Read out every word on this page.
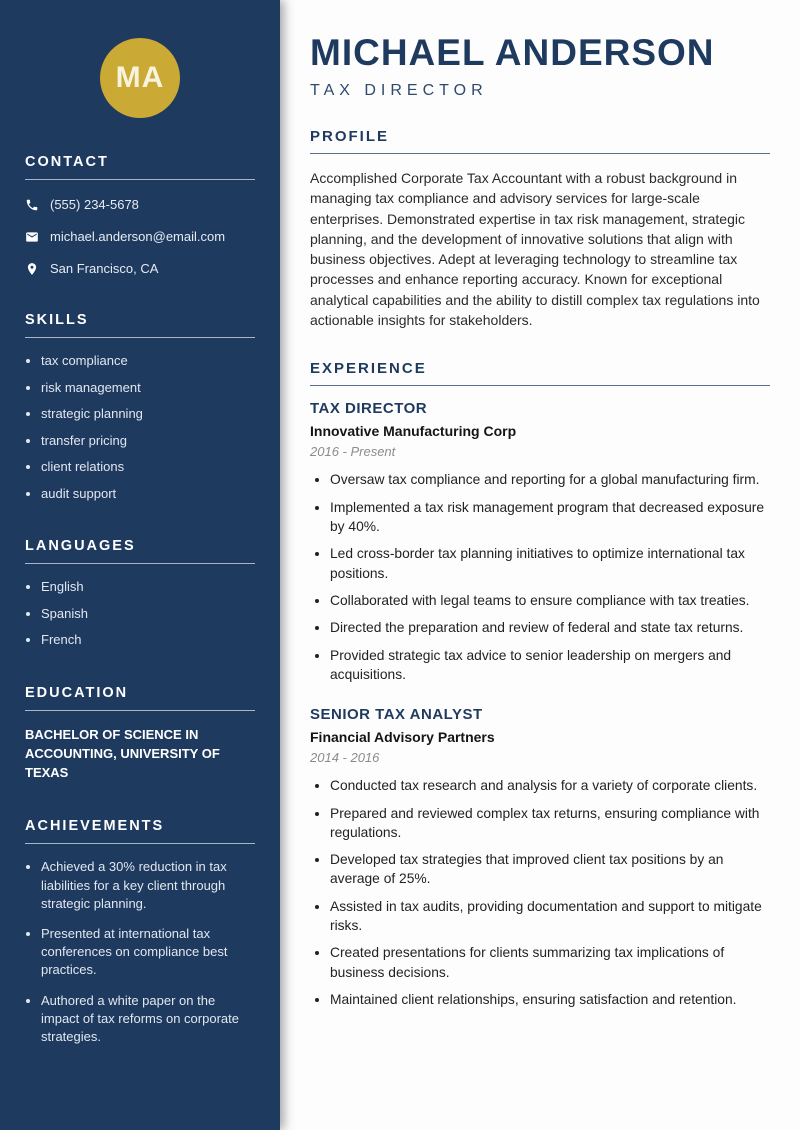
MA
CONTACT
(555) 234-5678
michael.anderson@email.com
San Francisco, CA
SKILLS
• tax compliance
• risk management
• strategic planning
• transfer pricing
• client relations
• audit support
LANGUAGES
• English
• Spanish
• French
EDUCATION
BACHELOR OF SCIENCE IN ACCOUNTING, UNIVERSITY OF TEXAS
ACHIEVEMENTS
• Achieved a 30% reduction in tax liabilities for a key client through strategic planning.
• Presented at international tax conferences on compliance best practices.
• Authored a white paper on the impact of tax reforms on corporate strategies.
MICHAEL ANDERSON
TAX DIRECTOR
PROFILE

Accomplished Corporate Tax Accountant with a robust background in managing tax compliance and advisory services for large-scale enterprises. Demonstrated expertise in tax risk management, strategic planning, and the development of innovative solutions that align with business objectives. Adept at leveraging technology to streamline tax processes and enhance reporting accuracy. Known for exceptional analytical capabilities and the ability to distill complex tax regulations into actionable insights for stakeholders.

EXPERIENCE
TAX DIRECTOR
Innovative Manufacturing Corp
2016 - Present
• Oversaw tax compliance and reporting for a global manufacturing firm.
• Implemented a tax risk management program that decreased exposure by 40%.
• Led cross-border tax planning initiatives to optimize international tax positions.
• Collaborated with legal teams to ensure compliance with tax treaties.
• Directed the preparation and review of federal and state tax returns.
• Provided strategic tax advice to senior leadership on mergers and acquisitions.
SENIOR TAX ANALYST
Financial Advisory Partners
2014 - 2016
• Conducted tax research and analysis for a variety of corporate clients.
• Prepared and reviewed complex tax returns, ensuring compliance with regulations.
• Developed tax strategies that improved client tax positions by an average of 25%.
• Assisted in tax audits, providing documentation and support to mitigate risks.
• Created presentations for clients summarizing tax implications of business decisions.
• Maintained client relationships, ensuring satisfaction and retention.
